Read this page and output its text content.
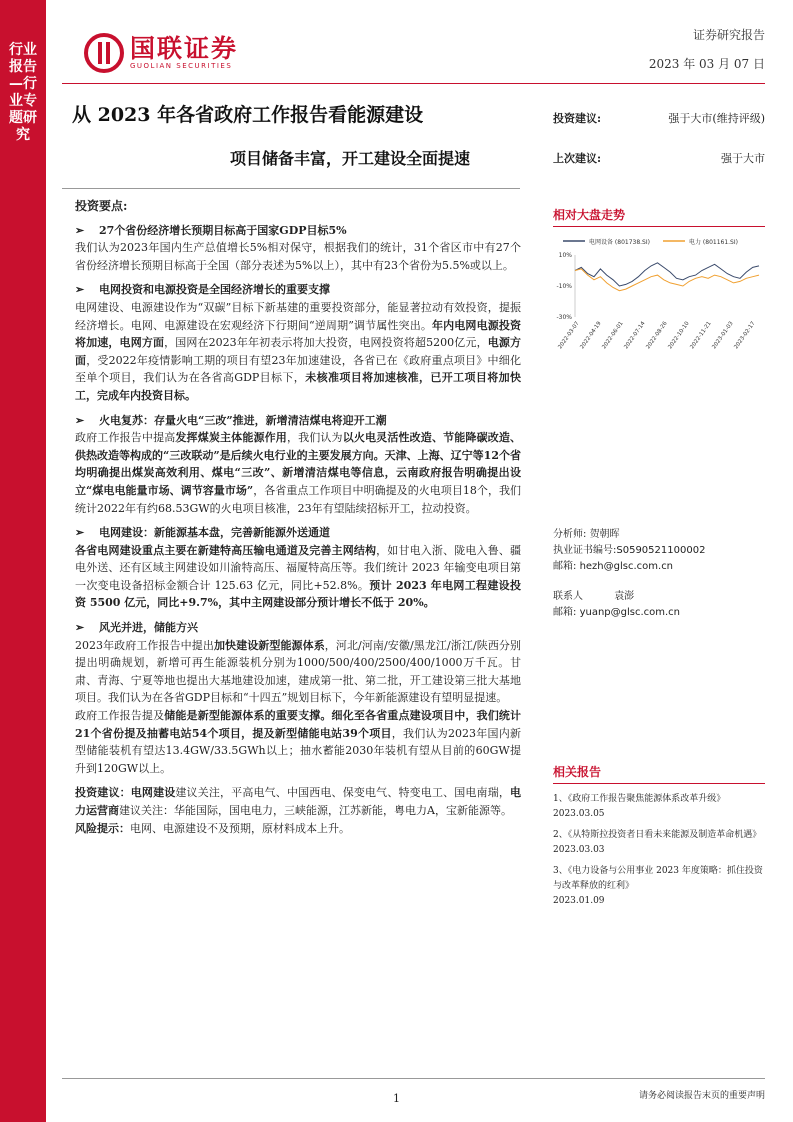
行业报告—行业专题研究
国联证券
GUOLIAN SECURITIES
证券研究报告
2023 年 03 月 07 日
从 2023 年各省政府工作报告看能源建设
项目储备丰富，开工建设全面提速
投资建议:	强于大市(维持评级)
上次建议:	强于大市
相对大盘走势
电网设备 (801738.SI)	电力 (801161.SI)
10%
-10%
-30%
2022-03-07
2022-04-19
2022-06-01
2022-07-14
2022-08-26
2022-10-10
2022-11-21
2023-01-03
2023-02-17
分析师: 贺朝晖
执业证书编号:S0590521100002
邮箱: hezh@glsc.com.cn
联系人	袁澎
邮箱: yuanp@glsc.com.cn
相关报告
1、《政府工作报告聚焦能源体系改革升级》
2023.03.05
2、《从特斯拉投资者日看未来能源及制造革命机遇》
2023.03.03
3、《电力设备与公用事业 2023 年度策略：抓住投资与改革释放的红利》
2023.01.09
投资要点:
➢	27个省份经济增长预期目标高于国家GDP目标5%

我们认为2023年国内生产总值增长5%相对保守，根据我们的统计，31个省区市中有27个省份经济增长预期目标高于全国（部分表述为5%以上），其中有23个省份为5.5%或以上。

➢	电网投资和电源投资是全国经济增长的重要支撑

电网建设、电源建设作为“双碳”目标下新基建的重要投资部分，能显著拉动有效投资，提振经济增长。电网、电源建设在宏观经济下行期间“逆周期”调节属性突出。年内电网电源投资将加速，电网方面，国网在2023年年初表示将加大投资，电网投资将超5200亿元，电源方面，受2022年疫情影响工期的项目有望23年加速建设，各省已在《政府重点项目》中细化至单个项目，我们认为在各省高GDP目标下，未核准项目将加速核准，已开工项目将加快工，完成年内投资目标。

➢	火电复苏：存量火电“三改”推进，新增清洁煤电将迎开工潮

政府工作报告中提高发挥煤炭主体能源作用，我们认为以火电灵活性改造、节能降碳改造、供热改造等构成的“三改联动”是后续火电行业的主要发展方向。天津、上海、辽宁等12个省均明确提出煤炭高效利用、煤电“三改”、新增清洁煤电等信息，云南政府报告明确提出设立“煤电电能量市场、调节容量市场”，各省重点工作项目中明确提及的火电项目18个，我们统计2022年有约68.53GW的火电项目核准，23年有望陆续招标开工，拉动投资。

➢	电网建设：新能源基本盘，完善新能源外送通道

各省电网建设重点主要在新建特高压输电通道及完善主网结构，如甘电入浙、陇电入鲁、疆电外送、还有区域主网建设如川渝特高压、福厦特高压等。我们统计 2023 年输变电项目第一次变电设备招标金额合计 125.63 亿元，同比+52.8%。预计 2023 年电网工程建设投资 5500 亿元，同比+9.7%，其中主网建设部分预计增长不低于 20%。

➢	风光并进，储能方兴

2023年政府工作报告中提出加快建设新型能源体系，河北/河南/安徽/黑龙江/浙江/陕西分别提出明确规划，新增可再生能源装机分别为1000/500/400/2500/400/1000万千瓦。甘肃、青海、宁夏等地也提出大基地建设加速，建成第一批、第二批，开工建设第三批大基地项目。我们认为在各省GDP目标和“十四五”规划目标下，今年新能源建设有望明显提速。

政府工作报告提及储能是新型能源体系的重要支撑。细化至各省重点建设项目中，我们统计21个省份提及抽蓄电站54个项目，提及新型储能电站39个项目，我们认为2023年国内新型储能装机有望达13.4GW/33.5GWh以上；抽水蓄能2030年装机有望从目前的60GW提升到120GW以上。

投资建议：电网建设建议关注，平高电气、中国西电、保变电气、特变电工、国电南瑞，电力运营商建议关注：华能国际，国电电力，三峡能源，江苏新能，粤电力A，宝新能源等。

风险提示：电网、电源建设不及预期，原材料成本上升。

1	请务必阅读报告末页的重要声明
